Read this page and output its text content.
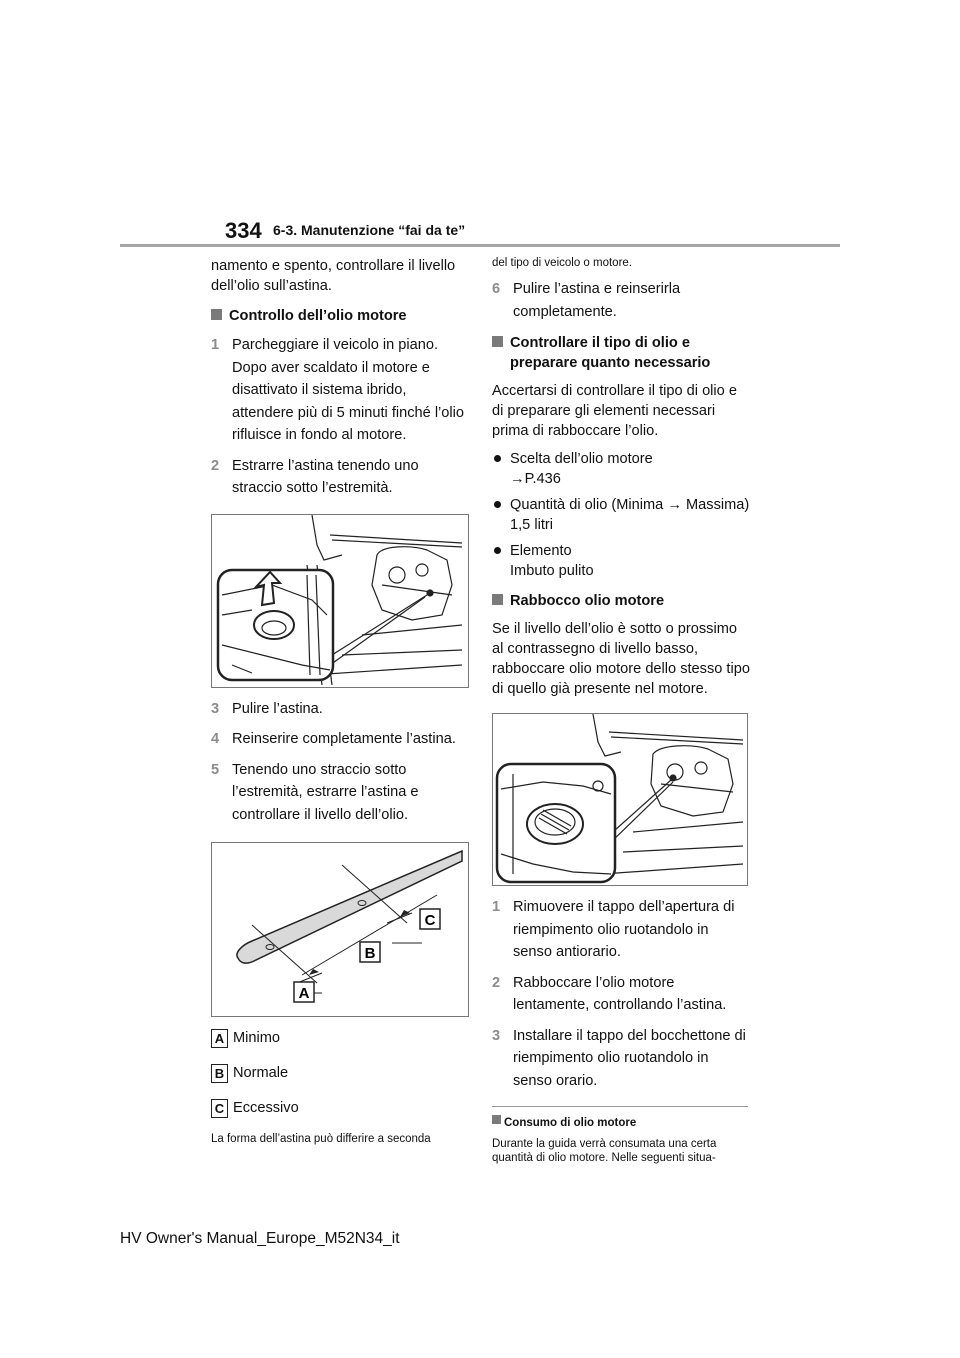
334 6-3. Manutenzione “fai da te”

namento e spento, controllare il livello dell’olio sull’astina.

Controllo dell’olio motore
1 Parcheggiare il veicolo in piano. Dopo aver scaldato il motore e disattivato il sistema ibrido, attendere più di 5 minuti finché l’olio rifluisce in fondo al motore.
2 Estrarre l’astina tenendo uno straccio sotto l’estremità.
3 Pulire l’astina.
4 Reinserire completamente l’astina.
5 Tenendo uno straccio sotto l’estremità, estrarre l’astina e controllare il livello dell’olio.
C
B
A
A Minimo
B Normale
C Eccessivo

La forma dell’astina può differire a seconda

del tipo di veicolo o motore.

6 Pulire l’astina e reinserirla completamente.
Controllare il tipo di olio e preparare quanto necessario

Accertarsi di controllare il tipo di olio e di preparare gli elementi necessari prima di rabboccare l’olio.

Scelta dell’olio motore
→P.436
Quantità di olio (Minima → Massima)
1,5 litri
Elemento
Imbuto pulito
Rabbocco olio motore

Se il livello dell’olio è sotto o prossimo al contrassegno di livello basso, rabboccare olio motore dello stesso tipo di quello già presente nel motore.

1 Rimuovere il tappo dell’apertura di riempimento olio ruotandolo in senso antiorario.
2 Rabboccare l’olio motore lentamente, controllando l’astina.
3 Installare il tappo del bocchettone di riempimento olio ruotandolo in senso orario.
Consumo di olio motore

Durante la guida verrà consumata una certa quantità di olio motore. Nelle seguenti situa-

HV Owner's Manual_Europe_M52N34_it
